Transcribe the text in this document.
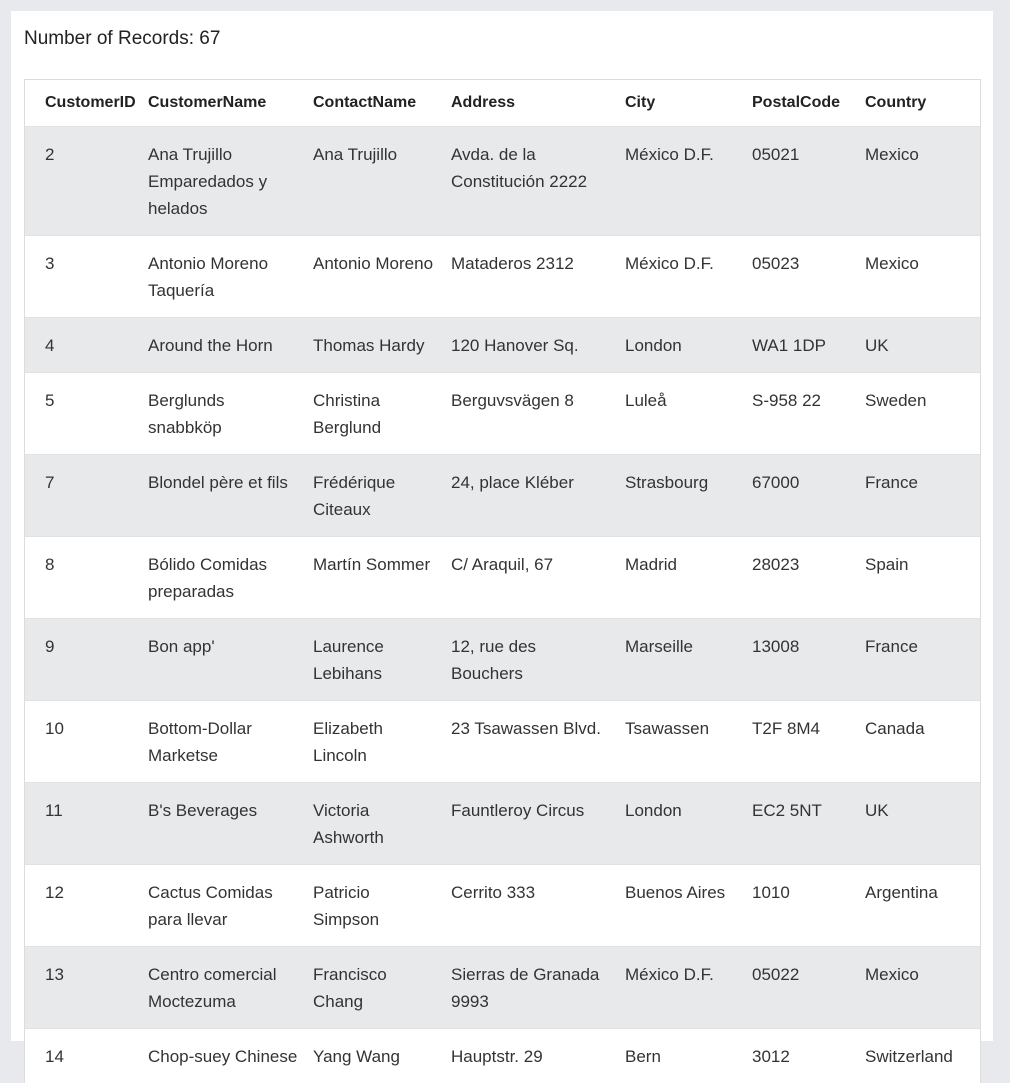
Number of Records: 67
CustomerID	CustomerName	ContactName	Address	City	PostalCode	Country
2	Ana Trujillo Emparedados y helados	Ana Trujillo	Avda. de la Constitución 2222	México D.F.	05021	Mexico
3	Antonio Moreno Taquería	Antonio Moreno	Mataderos 2312	México D.F.	05023	Mexico
4	Around the Horn	Thomas Hardy	120 Hanover Sq.	London	WA1 1DP	UK
5	Berglunds snabbköp	Christina Berglund	Berguvsvägen 8	Luleå	S-958 22	Sweden
7	Blondel père et fils	Frédérique Citeaux	24, place Kléber	Strasbourg	67000	France
8	Bólido Comidas preparadas	Martín Sommer	C/ Araquil, 67	Madrid	28023	Spain
9	Bon app'	Laurence Lebihans	12, rue des Bouchers	Marseille	13008	France
10	Bottom-Dollar Marketse	Elizabeth Lincoln	23 Tsawassen Blvd.	Tsawassen	T2F 8M4	Canada
11	B's Beverages	Victoria Ashworth	Fauntleroy Circus	London	EC2 5NT	UK
12	Cactus Comidas para llevar	Patricio Simpson	Cerrito 333	Buenos Aires	1010	Argentina
13	Centro comercial Moctezuma	Francisco Chang	Sierras de Granada 9993	México D.F.	05022	Mexico
14	Chop-suey Chinese	Yang Wang	Hauptstr. 29	Bern	3012	Switzerland
